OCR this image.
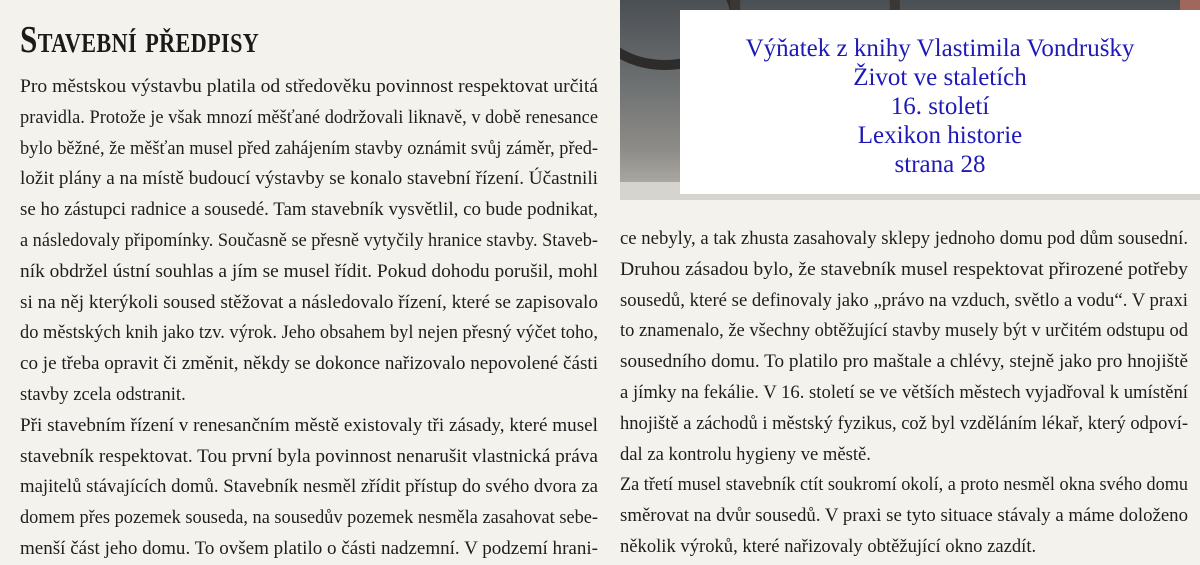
Stavební předpisy
Pro městskou výstavbu platila od středověku povinnost respektovat určitá
pravidla. Protože je však mnozí měšťané dodržovali liknavě, v době renesance
bylo běžné, že měšťan musel před zahájením stavby oznámit svůj záměr, před-
ložit plány a na místě budoucí výstavby se konalo stavební řízení. Účastnili
se ho zástupci radnice a sousedé. Tam stavebník vysvětlil, co bude podnikat,
a následovaly připomínky. Současně se přesně vytyčily hranice stavby. Staveb-
ník obdržel ústní souhlas a jím se musel řídit. Pokud dohodu porušil, mohl
si na něj kterýkoli soused stěžovat a následovalo řízení, které se zapisovalo
do městských knih jako tzv. výrok. Jeho obsahem byl nejen přesný výčet toho,
co je třeba opravit či změnit, někdy se dokonce nařizovalo nepovolené části
stavby zcela odstranit.
Při stavebním řízení v renesančním městě existovaly tři zásady, které musel
stavebník respektovat. Tou první byla povinnost nenarušit vlastnická práva
majitelů stávajících domů. Stavebník nesměl zřídit přístup do svého dvora za
domem přes pozemek souseda, na sousedův pozemek nesměla zasahovat sebe-
menší část jeho domu. To ovšem platilo o části nadzemní. V podzemí hrani-
Výňatek z knihy Vlastimila Vondrušky
Život ve staletích
16. století
Lexikon historie
strana 28
ce nebyly, a tak zhusta zasahovaly sklepy jednoho domu pod dům sousední.
Druhou zásadou bylo, že stavebník musel respektovat přirozené potřeby
sousedů, které se definovaly jako „právo na vzduch, světlo a vodu“. V praxi
to znamenalo, že všechny obtěžující stavby musely být v určitém odstupu od
sousedního domu. To platilo pro maštale a chlévy, stejně jako pro hnojiště
a jímky na fekálie. V 16. století se ve větších městech vyjadřoval k umístění
hnojiště a záchodů i městský fyzikus, což byl vzděláním lékař, který odpoví-
dal za kontrolu hygieny ve městě.
Za třetí musel stavebník ctít soukromí okolí, a proto nesměl okna svého domu
směrovat na dvůr sousedů. V praxi se tyto situace stávaly a máme doloženo
několik výroků, které nařizovaly obtěžující okno zazdít.
